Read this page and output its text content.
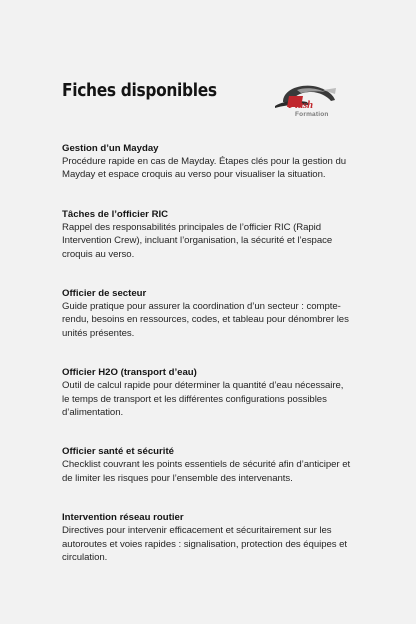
Fiches disponibles
Flash
Formation
Gestion d’un Mayday

Procédure rapide en cas de Mayday. Étapes clés pour la gestion du Mayday et espace croquis au verso pour visualiser la situation.

Tâches de l’officier RIC

Rappel des responsabilités principales de l’officier RIC (Rapid Intervention Crew), incluant l’organisation, la sécurité et l’espace croquis au verso.

Officier de secteur

Guide pratique pour assurer la coordination d’un secteur : compte-rendu, besoins en ressources, codes, et tableau pour dénombrer les unités présentes.

Officier H2O (transport d’eau)

Outil de calcul rapide pour déterminer la quantité d’eau nécessaire, le temps de transport et les différentes configurations possibles d’alimentation.

Officier santé et sécurité

Checklist couvrant les points essentiels de sécurité afin d’anticiper et de limiter les risques pour l’ensemble des intervenants.

Intervention réseau routier

Directives pour intervenir efficacement et sécuritairement sur les autoroutes et voies rapides : signalisation, protection des équipes et circulation.
